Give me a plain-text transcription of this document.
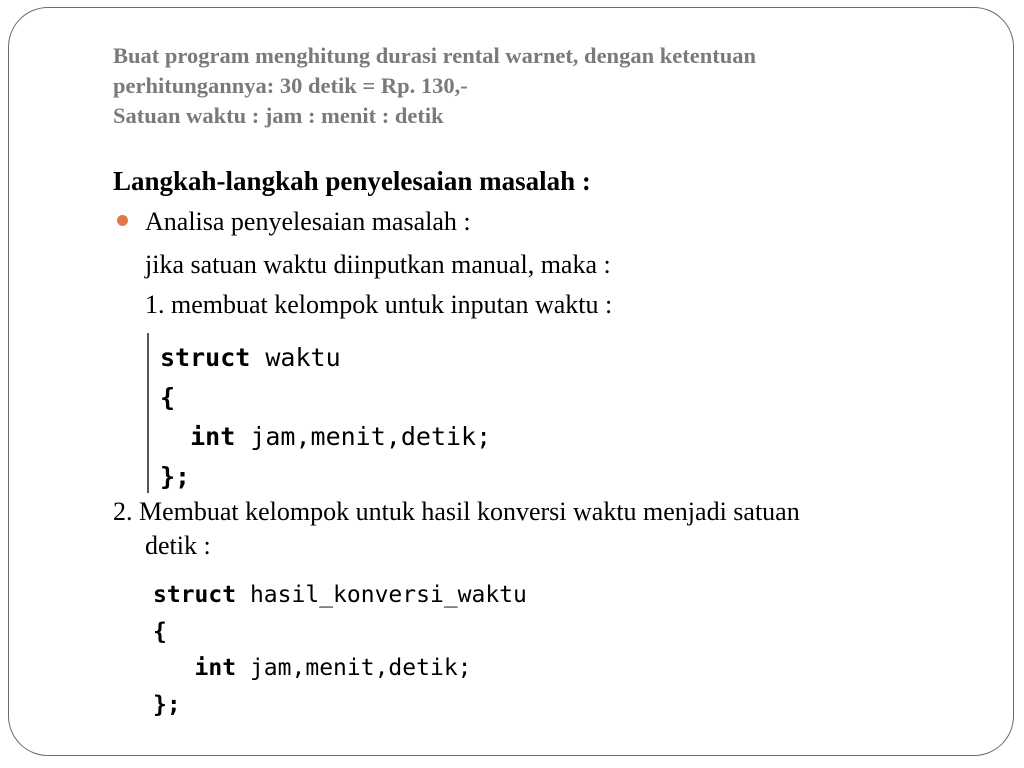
Buat program menghitung durasi rental warnet, dengan ketentuan
perhitungannya: 30 detik = Rp. 130,-
Satuan waktu : jam : menit : detik
Langkah-langkah penyelesaian masalah :
Analisa penyelesaian masalah :
jika satuan waktu diinputkan manual, maka :
1. membuat kelompok untuk inputan waktu :
struct waktu
{
int jam,menit,detik;
};
2. Membuat kelompok untuk hasil konversi waktu menjadi satuan
detik :
struct hasil_konversi_waktu
{
int jam,menit,detik;
};
